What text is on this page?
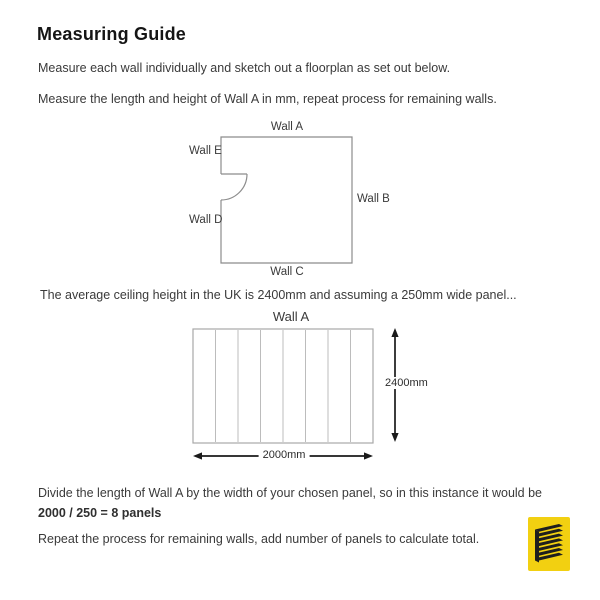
Measuring Guide
Measure each wall individually and sketch out a floorplan as set out below.
Measure the length and height of Wall A in mm, repeat process for remaining walls.
The average ceiling height in the UK is 2400mm and assuming a 250mm wide panel...
Divide the length of Wall A by the width of your chosen panel, so in this instance it would be
2000 / 250 = 8 panels
Repeat the process for remaining walls, add number of panels to calculate total.
Wall A
Wall E
Wall B
Wall D
Wall C
Wall A
2400mm
2000mm
